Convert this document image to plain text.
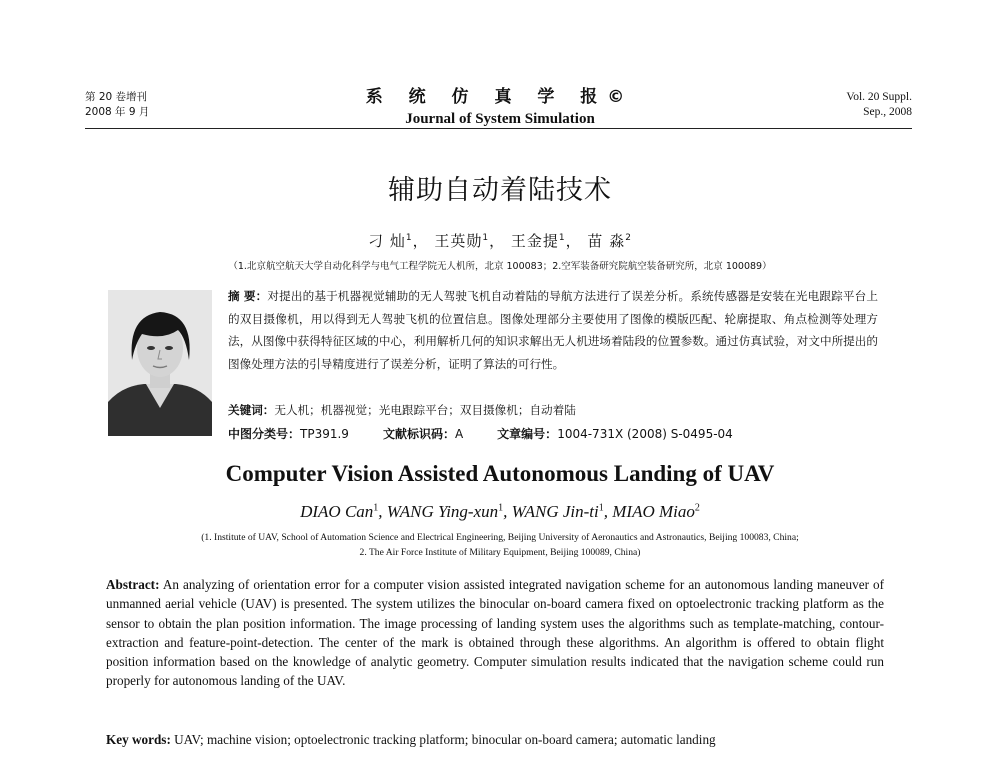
第 20 卷增刊
2008 年 9 月
系 统 仿 真 学 报©
Journal of System Simulation
Vol. 20 Suppl.
Sep., 2008
辅助自动着陆技术
刁 灿$^1$， 王英勋$^1$， 王金提$^1$， 苗 淼$^2$
（1.北京航空航天大学自动化科学与电气工程学院无人机所，北京 100083；2.空军装备研究院航空装备研究所，北京 100089）
摘 要：对提出的基于机器视觉辅助的无人驾驶飞机自动着陆的导航方法进行了误差分析。系统传感器是安装在光电跟踪平台上的双目摄像机，用以得到无人驾驶飞机的位置信息。图像处理部分主要使用了图像的模版匹配、轮廓提取、角点检测等处理方法，从图像中获得特征区域的中心，利用解析几何的知识求解出无人机进场着陆段的位置参数。通过仿真试验，对文中所提出的图像处理方法的引导精度进行了误差分析，证明了算法的可行性。
关键词：无人机；机器视觉；光电跟踪平台；双目摄像机；自动着陆
中图分类号：TP391.9	文献标识码：A	文章编号：1004-731X (2008) S-0495-04
Computer Vision Assisted Autonomous Landing of UAV
DIAO Can$^1$, WANG Ying-xun$^1$, WANG Jin-$ti^1$, MIAO Miao$^2$
(1. Institute of UAV, School of Automation Science and Electrical Engineering, Beijing University of Aeronautics and Astronautics, Beijing 100083, China;
2. The Air Force Institute of Military Equipment, Beijing 100089, China)
Abstract: An analyzing of orientation error for a computer vision assisted integrated navigation scheme for an autonomous landing maneuver of unmanned aerial vehicle (UAV) is presented. The system utilizes the binocular on-board camera fixed on optoelectronic tracking platform as the sensor to obtain the plan position information. The image processing of landing system uses the algorithms such as template-matching, contour-extraction and feature-point-detection. The center of the mark is obtained through these algorithms. An algorithm is offered to obtain flight position information based on the knowledge of analytic geometry. Computer simulation results indicated that the navigation scheme could run properly for autonomous landing of the UAV.
Key words: UAV; machine vision; optoelectronic tracking platform; binocular on-board camera; automatic landing
